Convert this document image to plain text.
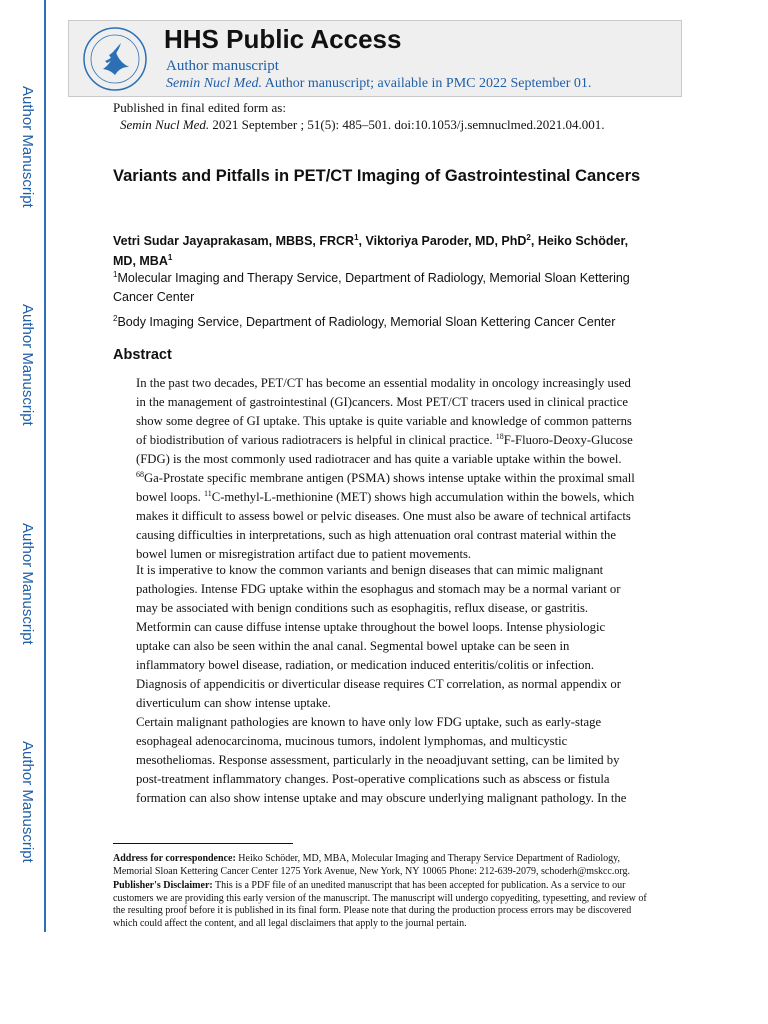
Author Manuscript
Author Manuscript
Author Manuscript
Author Manuscript
HHS Public Access
Author manuscript
Semin Nucl Med. Author manuscript; available in PMC 2022 September 01.
Published in final edited form as:
Semin Nucl Med. 2021 September ; 51(5): 485–501. doi:10.1053/j.semnuclmed.2021.04.001.
Variants and Pitfalls in PET/CT Imaging of Gastrointestinal Cancers
Vetri Sudar Jayaprakasam, MBBS, FRCR$^1$, Viktoriya Paroder, MD, PhD$^2$, Heiko Schöder, MD, MBA$^1$
$^1$Molecular Imaging and Therapy Service, Department of Radiology, Memorial Sloan Kettering Cancer Center
$^2$Body Imaging Service, Department of Radiology, Memorial Sloan Kettering Cancer Center
Abstract

In the past two decades, PET/CT has become an essential modality in oncology increasingly used in the management of gastrointestinal (GI)cancers. Most PET/CT tracers used in clinical practice show some degree of GI uptake. This uptake is quite variable and knowledge of common patterns of biodistribution of various radiotracers is helpful in clinical practice. $^{18}$F-Fluoro-Deoxy-Glucose (FDG) is the most commonly used radiotracer and has quite a variable uptake within the bowel. $^{68}$Ga-Prostate specific membrane antigen (PSMA) shows intense uptake within the proximal small bowel loops. $^{11}$C-methyl-L-methionine (MET) shows high accumulation within the bowels, which makes it difficult to assess bowel or pelvic diseases. One must also be aware of technical artifacts causing difficulties in interpretations, such as high attenuation oral contrast material within the bowel lumen or misregistration artifact due to patient movements.

It is imperative to know the common variants and benign diseases that can mimic malignant pathologies. Intense FDG uptake within the esophagus and stomach may be a normal variant or may be associated with benign conditions such as esophagitis, reflux disease, or gastritis. Metformin can cause diffuse intense uptake throughout the bowel loops. Intense physiologic uptake can also be seen within the anal canal. Segmental bowel uptake can be seen in inflammatory bowel disease, radiation, or medication induced enteritis/colitis or infection. Diagnosis of appendicitis or diverticular disease requires CT correlation, as normal appendix or diverticulum can show intense uptake.

Certain malignant pathologies are known to have only low FDG uptake, such as early-stage esophageal adenocarcinoma, mucinous tumors, indolent lymphomas, and multicystic mesotheliomas. Response assessment, particularly in the neoadjuvant setting, can be limited by post-treatment inflammatory changes. Post-operative complications such as abscess or fistula formation can also show intense uptake and may obscure underlying malignant pathology. In the

Address for correspondence: Heiko Schöder, MD, MBA, Molecular Imaging and Therapy Service Department of Radiology, Memorial Sloan Kettering Cancer Center 1275 York Avenue, New York, NY 10065 Phone: 212-639-2079, schoderh@mskcc.org.

Publisher's Disclaimer: This is a PDF file of an unedited manuscript that has been accepted for publication. As a service to our customers we are providing this early version of the manuscript. The manuscript will undergo copyediting, typesetting, and review of the resulting proof before it is published in its final form. Please note that during the production process errors may be discovered which could affect the content, and all legal disclaimers that apply to the journal pertain.
